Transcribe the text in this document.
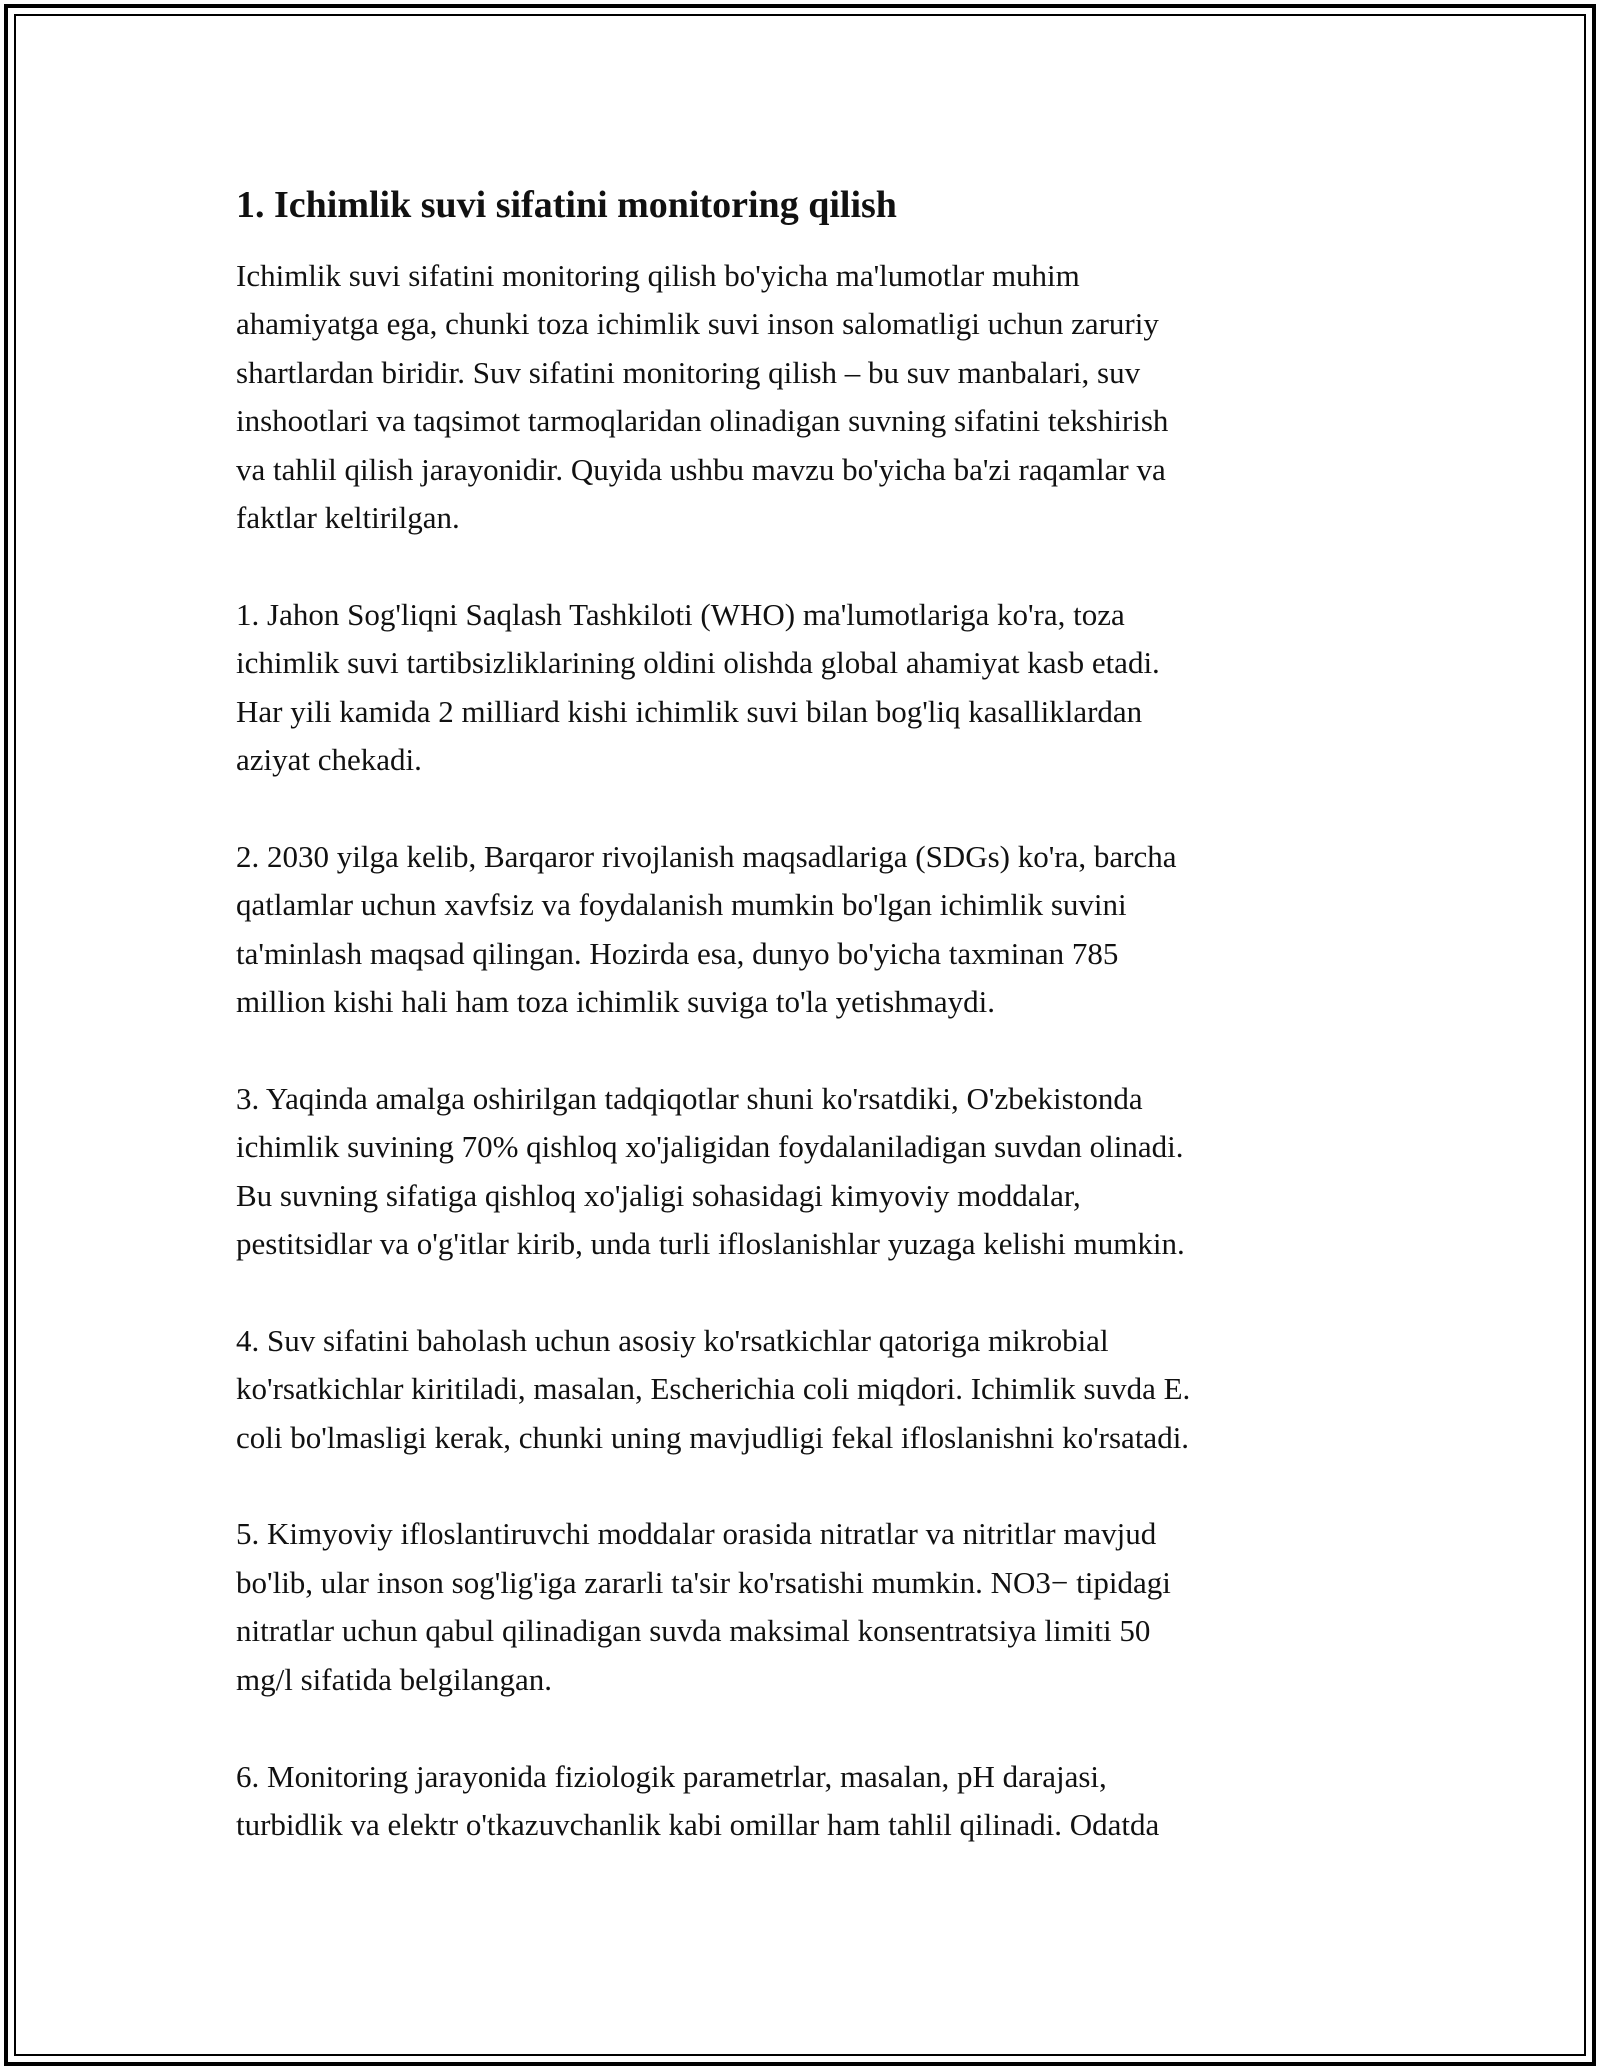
1. Ichimlik suvi sifatini monitoring qilish

Ichimlik suvi sifatini monitoring qilish bo'yicha ma'lumotlar muhim
ahamiyatga ega, chunki toza ichimlik suvi inson salomatligi uchun zaruriy
shartlardan biridir. Suv sifatini monitoring qilish – bu suv manbalari, suv
inshootlari va taqsimot tarmoqlaridan olinadigan suvning sifatini tekshirish
va tahlil qilish jarayonidir. Quyida ushbu mavzu bo'yicha ba'zi raqamlar va
faktlar keltirilgan.

1. Jahon Sog'liqni Saqlash Tashkiloti (WHO) ma'lumotlariga ko'ra, toza
ichimlik suvi tartibsizliklarining oldini olishda global ahamiyat kasb etadi.
Har yili kamida 2 milliard kishi ichimlik suvi bilan bog'liq kasalliklardan
aziyat chekadi.

2. 2030 yilga kelib, Barqaror rivojlanish maqsadlariga (SDGs) ko'ra, barcha
qatlamlar uchun xavfsiz va foydalanish mumkin bo'lgan ichimlik suvini
ta'minlash maqsad qilingan. Hozirda esa, dunyo bo'yicha taxminan 785
million kishi hali ham toza ichimlik suviga to'la yetishmaydi.

3. Yaqinda amalga oshirilgan tadqiqotlar shuni ko'rsatdiki, O'zbekistonda
ichimlik suvining 70% qishloq xo'jaligidan foydalaniladigan suvdan olinadi.
Bu suvning sifatiga qishloq xo'jaligi sohasidagi kimyoviy moddalar,
pestitsidlar va o'g'itlar kirib, unda turli ifloslanishlar yuzaga kelishi mumkin.

4. Suv sifatini baholash uchun asosiy ko'rsatkichlar qatoriga mikrobial
ko'rsatkichlar kiritiladi, masalan, Escherichia coli miqdori. Ichimlik suvda E.
coli bo'lmasligi kerak, chunki uning mavjudligi fekal ifloslanishni ko'rsatadi.

5. Kimyoviy ifloslantiruvchi moddalar orasida nitratlar va nitritlar mavjud
bo'lib, ular inson sog'lig'iga zararli ta'sir ko'rsatishi mumkin. NO3− tipidagi
nitratlar uchun qabul qilinadigan suvda maksimal konsentratsiya limiti 50
mg/l sifatida belgilangan.

6. Monitoring jarayonida fiziologik parametrlar, masalan, pH darajasi,
turbidlik va elektr o'tkazuvchanlik kabi omillar ham tahlil qilinadi. Odatda
